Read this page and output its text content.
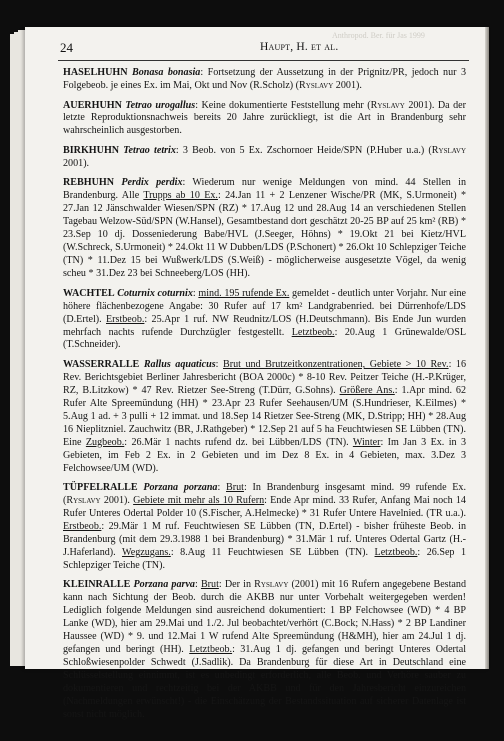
24	Haupt, H. et al.
Anthropod. Ber. für Jas 1999

HASELHUHN Bonasa bonasia: Fortsetzung der Aussetzung in der Prignitz/PR, jedoch nur 3 Folgebeob. je eines Ex. im Mai, Okt und Nov (R.Scholz) (Ryslavy 2001).

AUERHUHN Tetrao urogallus: Keine dokumentierte Feststellung mehr (Ryslavy 2001). Da der letzte Reproduktionsnachweis bereits 20 Jahre zurückliegt, ist die Art in Brandenburg sehr wahrscheinlich ausgestorben.

BIRKHUHN Tetrao tetrix: 3 Beob. von 5 Ex. Zschornoer Heide/SPN (P.Huber u.a.) (Ryslavy 2001).

REBHUHN Perdix perdix: Wiederum nur wenige Meldungen von mind. 44 Stellen in Brandenburg. Alle Trupps ab 10 Ex.: 24.Jan 11 + 2 Lenzener Wische/PR (MK, S.Urmoneit) * 27.Jan 12 Jänschwalder Wiesen/SPN (RZ) * 17.Aug 12 und 28.Aug 14 an verschiedenen Stellen Tagebau Welzow-Süd/SPN (W.Hansel), Gesamtbestand dort geschätzt 20-25 BP auf 25 km² (RB) * 23.Sep 10 dj. Dosseniederung Babe/HVL (J.Seeger, Höhns) * 19.Okt 21 bei Kietz/HVL (W.Schreck, S.Urmoneit) * 24.Okt 11 W Dubben/LDS (P.Schonert) * 26.Okt 10 Schlepziger Teiche (TN) * 11.Dez 15 bei Wußwerk/LDS (S.Weiß) - möglicherweise ausgesetzte Vögel, da wenig scheu * 31.Dez 23 bei Schneeberg/LOS (HH).

WACHTEL Coturnix coturnix: mind. 195 rufende Ex. gemeldet - deutlich unter Vorjahr. Nur eine höhere flächenbezogene Angabe: 30 Rufer auf 17 km² Landgrabenried. bei Dürrenhofe/LDS (D.Ertel). Erstbeob.: 25.Apr 1 ruf. NW Reudnitz/LOS (H.Deutschmann). Bis Ende Jun wurden mehrfach nachts rufende Durchzügler festgestellt. Letztbeob.: 20.Aug 1 Grünewalde/OSL (T.Schneider).

WASSERRALLE Rallus aquaticus: Brut und Brutzeitkonzentrationen, Gebiete > 10 Rev.: 16 Rev. Berichtsgebiet Berliner Jahresbericht (BOA 2000c) * 8-10 Rev. Peitzer Teiche (H.-P.Krüger, RZ, B.Litzkow) * 47 Rev. Rietzer See-Streng (T.Dürr, G.Sohns). Größere Ans.: 1.Apr mind. 62 Rufer Alte Spreemündung (HH) * 23.Apr 23 Rufer Seehausen/UM (S.Hundrieser, K.Eilmes) * 5.Aug 1 ad. + 3 pulli + 12 immat. und 18.Sep 14 Rietzer See-Streng (MK, D.Stripp; HH) * 28.Aug 16 Nieplitzniel. Zauchwitz (BR, J.Rathgeber) * 12.Sep 21 auf 5 ha Feuchtwiesen SE Lübben (TN). Eine Zugbeob.: 26.Mär 1 nachts rufend dz. bei Lübben/LDS (TN). Winter: Im Jan 3 Ex. in 3 Gebieten, im Feb 2 Ex. in 2 Gebieten und im Dez 8 Ex. in 4 Gebieten, max. 3.Dez 3 Felchowsee/UM (WD).

TÜPFELRALLE Porzana porzana: Brut: In Brandenburg insgesamt mind. 99 rufende Ex. (Ryslavy 2001). Gebiete mit mehr als 10 Rufern: Ende Apr mind. 33 Rufer, Anfang Mai noch 14 Rufer Unteres Odertal Polder 10 (S.Fischer, A.Helmecke) * 31 Rufer Untere Havelnied. (TR u.a.). Erstbeob.: 29.Mär 1 M ruf. Feuchtwiesen SE Lübben (TN, D.Ertel) - bisher früheste Beob. in Brandenburg (mit dem 29.3.1988 1 bei Brandenburg) * 31.Mär 1 ruf. Unteres Odertal Gartz (H.-J.Haferland). Wegzugans.: 8.Aug 11 Feuchtwiesen SE Lübben (TN). Letztbeob.: 26.Sep 1 Schlepziger Teiche (TN).

KLEINRALLE Porzana parva: Brut: Der in Ryslavy (2001) mit 16 Rufern angegebene Bestand kann nach Sichtung der Beob. durch die AKBB nur unter Vorbehalt weitergegeben werden! Lediglich folgende Meldungen sind ausreichend dokumentiert: 1 BP Felchowsee (WD) * 4 BP Lanke (WD), hier am 29.Mai und 1./2. Jul beobachtet/verhört (C.Bock; N.Hass) * 2 BP Landiner Haussee (WD) * 9. und 12.Mai 1 W rufend Alte Spreemündung (H&MH), hier am 24.Jul 1 dj. gefangen und beringt (HH). Letztbeob.: 31.Aug 1 dj. gefangen und beringt Unteres Odertal Schloßwiesenpolder Schwedt (J.Sadlik). Da Brandenburg für diese Art in Deutschland eine Schlüsselstellung einnimmt, ist es unbedingt erforderlich, alle Beob. und Verhöre sauber zu dokumentieren und rechtzeitig bei der AKBB und für den Jahresbericht einzureichen (Nachmeldungen erwünscht!) - die Einschätzung der Bestandssituation auf sicherer Datenlage ist sonst nicht möglich.
